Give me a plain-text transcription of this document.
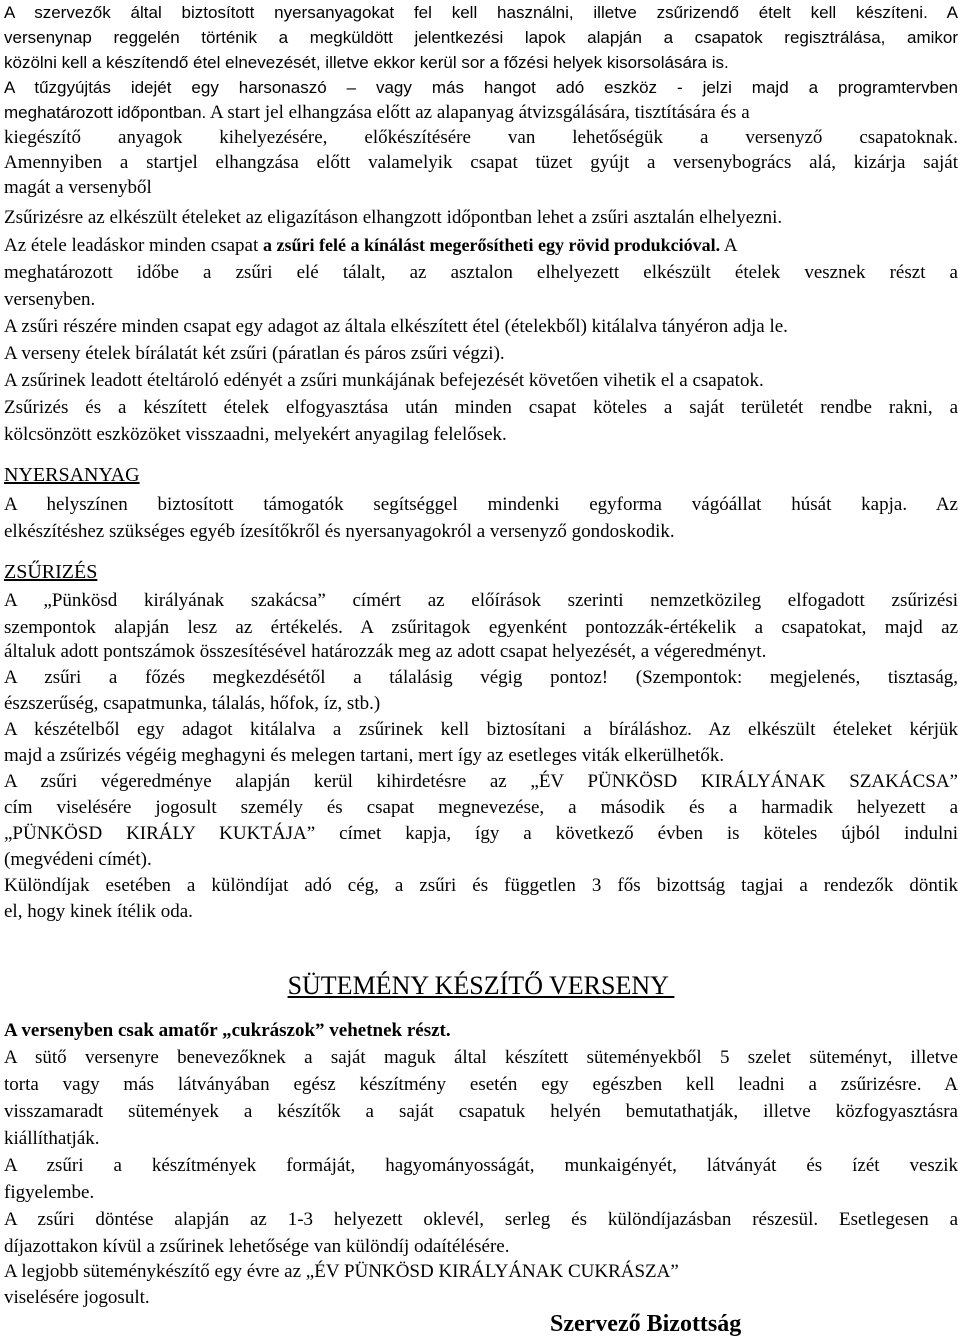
A szervezők által biztosított nyersanyagokat fel kell használni, illetve zsűrizendő ételt kell készíteni. A
versenynap reggelén történik a megküldött jelentkezési lapok alapján a csapatok regisztrálása, amikor
közölni kell a készítendő étel elnevezését, illetve ekkor kerül sor a főzési helyek kisorsolására is.
A tűzgyújtás idejét egy harsonaszó – vagy más hangot adó eszköz - jelzi majd a programtervben
meghatározott időpontban. A start jel elhangzása előtt az alapanyag átvizsgálására, tisztítására és a
kiegészítő anyagok kihelyezésére, előkészítésére van lehetőségük a versenyző csapatoknak.
Amennyiben a startjel elhangzása előtt valamelyik csapat tüzet gyújt a versenybogrács alá, kizárja saját
magát a versenyből
Zsűrizésre az elkészült ételeket az eligazításon elhangzott időpontban lehet a zsűri asztalán elhelyezni.
Az étele leadáskor minden csapat a zsűri felé a kínálást megerősítheti egy rövid produkcióval. A
meghatározott időbe a zsűri elé tálalt, az asztalon elhelyezett elkészült ételek vesznek részt a
versenyben.
A zsűri részére minden csapat egy adagot az általa elkészített étel (ételekből) kitálalva tányéron adja le.
A verseny ételek bírálatát két zsűri (páratlan és páros zsűri végzi).
A zsűrinek leadott ételtároló edényét a zsűri munkájának befejezését követően vihetik el a csapatok.
Zsűrizés és a készített ételek elfogyasztása után minden csapat köteles a saját területét rendbe rakni, a
kölcsönzött eszközöket visszaadni, melyekért anyagilag felelősek.
NYERSANYAG
A helyszínen biztosított támogatók segítséggel mindenki egyforma vágóállat húsát kapja. Az
elkészítéshez szükséges egyéb ízesítőkről és nyersanyagokról a versenyző gondoskodik.
ZSŰRIZÉS
A „Pünkösd királyának szakácsa” címért az előírások szerinti nemzetközileg elfogadott zsűrizési
szempontok alapján lesz az értékelés. A zsűritagok egyenként pontozzák-értékelik a csapatokat, majd az
általuk adott pontszámok összesítésével határozzák meg az adott csapat helyezését, a végeredményt.
A zsűri a főzés megkezdésétől a tálalásig végig pontoz! (Szempontok: megjelenés, tisztaság,
észszerűség, csapatmunka, tálalás, hőfok, íz, stb.)
A készételből egy adagot kitálalva a zsűrinek kell biztosítani a bíráláshoz. Az elkészült ételeket kérjük
majd a zsűrizés végéig meghagyni és melegen tartani, mert így az esetleges viták elkerülhetők.
A zsűri végeredménye alapján kerül kihirdetésre az „ÉV PÜNKÖSD KIRÁLYÁNAK SZAKÁCSA”
cím viselésére jogosult személy és csapat megnevezése, a második és a harmadik helyezett a
„PÜNKÖSD KIRÁLY KUKTÁJA” címet kapja, így a következő évben is köteles újból indulni
(megvédeni címét).
Különdíjak esetében a különdíjat adó cég, a zsűri és független 3 fős bizottság tagjai a rendezők döntik
el, hogy kinek ítélik oda.
SÜTEMÉNY KÉSZÍTŐ VERSENY
A versenyben csak amatőr „cukrászok” vehetnek részt.
A sütő versenyre benevezőknek a saját maguk által készített süteményekből 5 szelet süteményt, illetve
torta vagy más látványában egész készítmény esetén egy egészben kell leadni a zsűrizésre. A
visszamaradt sütemények a készítők a saját csapatuk helyén bemutathatják, illetve közfogyasztásra
kiállíthatják.
A zsűri a készítmények formáját, hagyományosságát, munkaigényét, látványát és ízét veszik
figyelembe.
A zsűri döntése alapján az 1-3 helyezett oklevél, serleg és különdíjazásban részesül. Esetlegesen a
díjazottakon kívül a zsűrinek lehetősége van különdíj odaítélésére.
A legjobb süteménykészítő egy évre az „ÉV PÜNKÖSD KIRÁLYÁNAK CUKRÁSZA”
viselésére jogosult.
Szervező Bizottság
